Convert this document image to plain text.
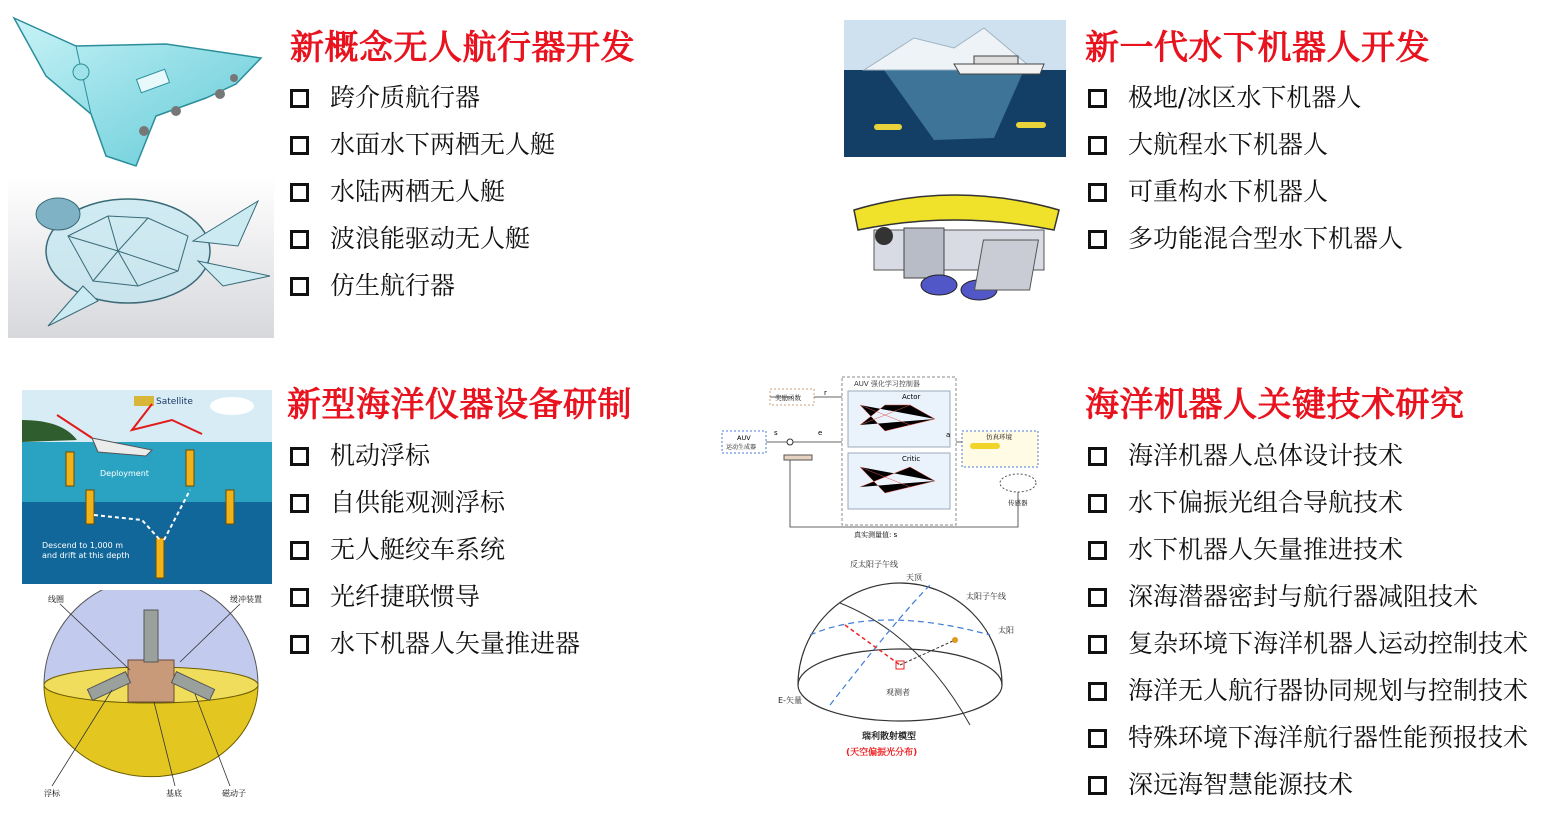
Satellite
Deployment
Descend to 1,000 m
and drift at this depth
线圈	缓冲装置
浮标	基底	磁动子
AUV 强化学习控制器
Actor
Critic
奖励函数
AUV
运动生成器
仿真环境
传感器
真实测量值: s
r
e
s	a
反太阳子午线
天顶
太阳子午线
太阳
观测者
E-矢量
瑞利散射模型
(天空偏振光分布)
新概念无人航行器开发
跨介质航行器
水面水下两栖无人艇
水陆两栖无人艇
波浪能驱动无人艇
仿生航行器
新一代水下机器人开发
极地/冰区水下机器人
大航程水下机器人
可重构水下机器人
多功能混合型水下机器人
新型海洋仪器设备研制
机动浮标
自供能观测浮标
无人艇绞车系统
光纤捷联惯导
水下机器人矢量推进器
海洋机器人关键技术研究
海洋机器人总体设计技术
水下偏振光组合导航技术
水下机器人矢量推进技术
深海潜器密封与航行器减阻技术
复杂环境下海洋机器人运动控制技术
海洋无人航行器协同规划与控制技术
特殊环境下海洋航行器性能预报技术
深远海智慧能源技术
